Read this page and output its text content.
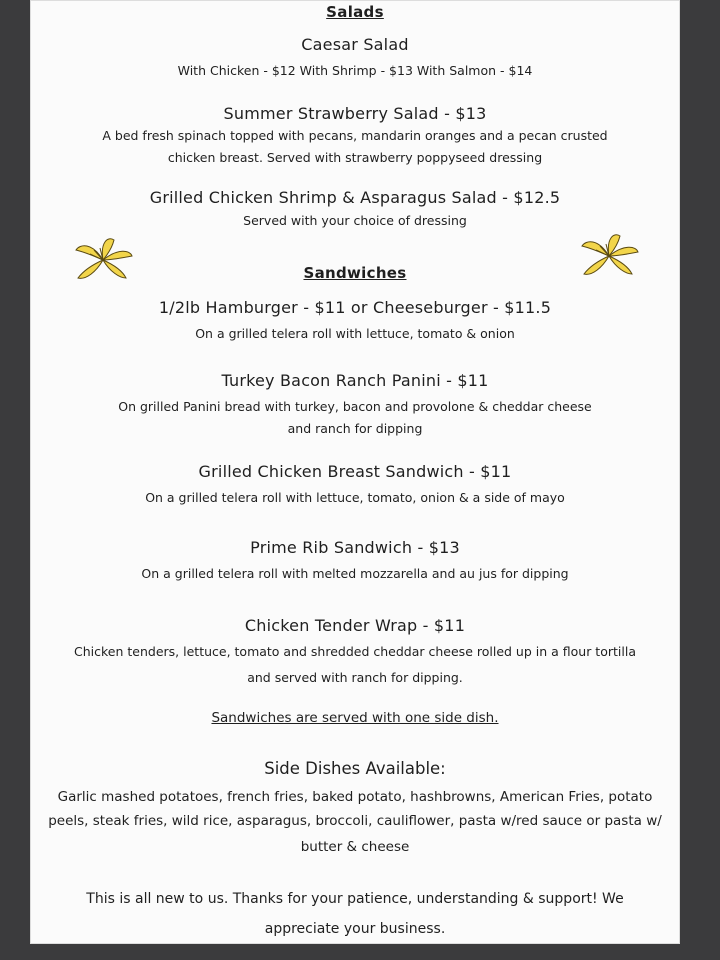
Salads
Caesar Salad
With Chicken - $12 With Shrimp - $13 With Salmon - $14
Summer Strawberry Salad - $13
A bed fresh spinach topped with pecans, mandarin oranges and a pecan crusted
chicken breast. Served with strawberry poppyseed dressing
Grilled Chicken Shrimp & Asparagus Salad - $12.5
Served with your choice of dressing
Sandwiches
1/2lb Hamburger - $11 or Cheeseburger - $11.5
On a grilled telera roll with lettuce, tomato & onion
Turkey Bacon Ranch Panini - $11
On grilled Panini bread with turkey, bacon and provolone & cheddar cheese
and ranch for dipping
Grilled Chicken Breast Sandwich - $11
On a grilled telera roll with lettuce, tomato, onion & a side of mayo
Prime Rib Sandwich - $13
On a grilled telera roll with melted mozzarella and au jus for dipping
Chicken Tender Wrap - $11
Chicken tenders, lettuce, tomato and shredded cheddar cheese rolled up in a flour tortilla
and served with ranch for dipping.
Sandwiches are served with one side dish.
Side Dishes Available:
Garlic mashed potatoes, french fries, baked potato, hashbrowns, American Fries, potato
peels, steak fries, wild rice, asparagus, broccoli, cauliflower, pasta w/red sauce or pasta w/
butter & cheese
This is all new to us. Thanks for your patience, understanding & support! We
appreciate your business.
